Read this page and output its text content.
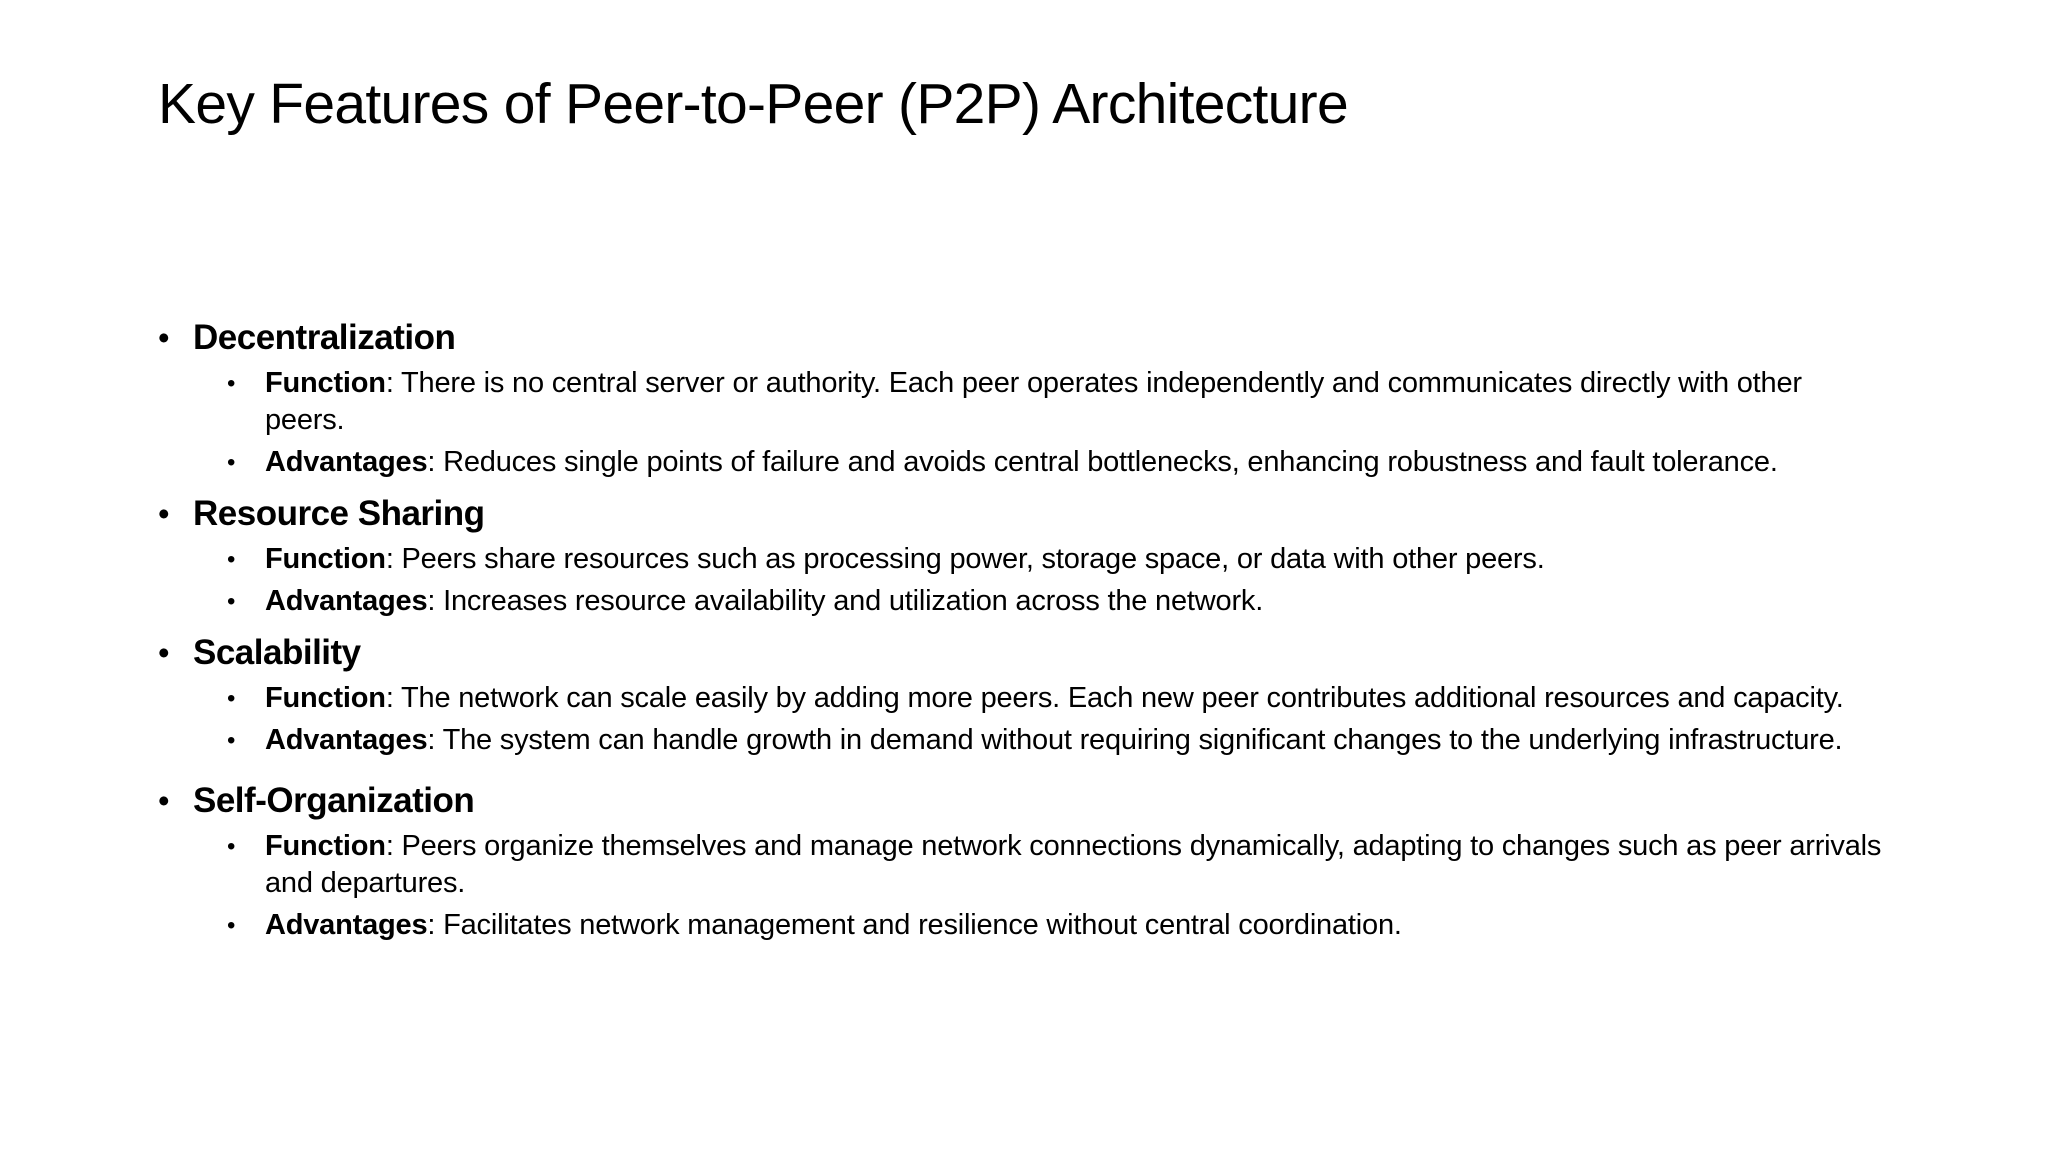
Key Features of Peer-to-Peer (P2P) Architecture
• Decentralization
• Function: There is no central server or authority. Each peer operates independently and communicates directly with other peers.
• Advantages: Reduces single points of failure and avoids central bottlenecks, enhancing robustness and fault tolerance.
• Resource Sharing
• Function: Peers share resources such as processing power, storage space, or data with other peers.
• Advantages: Increases resource availability and utilization across the network.
• Scalability
• Function: The network can scale easily by adding more peers. Each new peer contributes additional resources and capacity.
• Advantages: The system can handle growth in demand without requiring significant changes to the underlying infrastructure.
• Self-Organization
• Function: Peers organize themselves and manage network connections dynamically, adapting to changes such as peer arrivals and departures.
• Advantages: Facilitates network management and resilience without central coordination.
